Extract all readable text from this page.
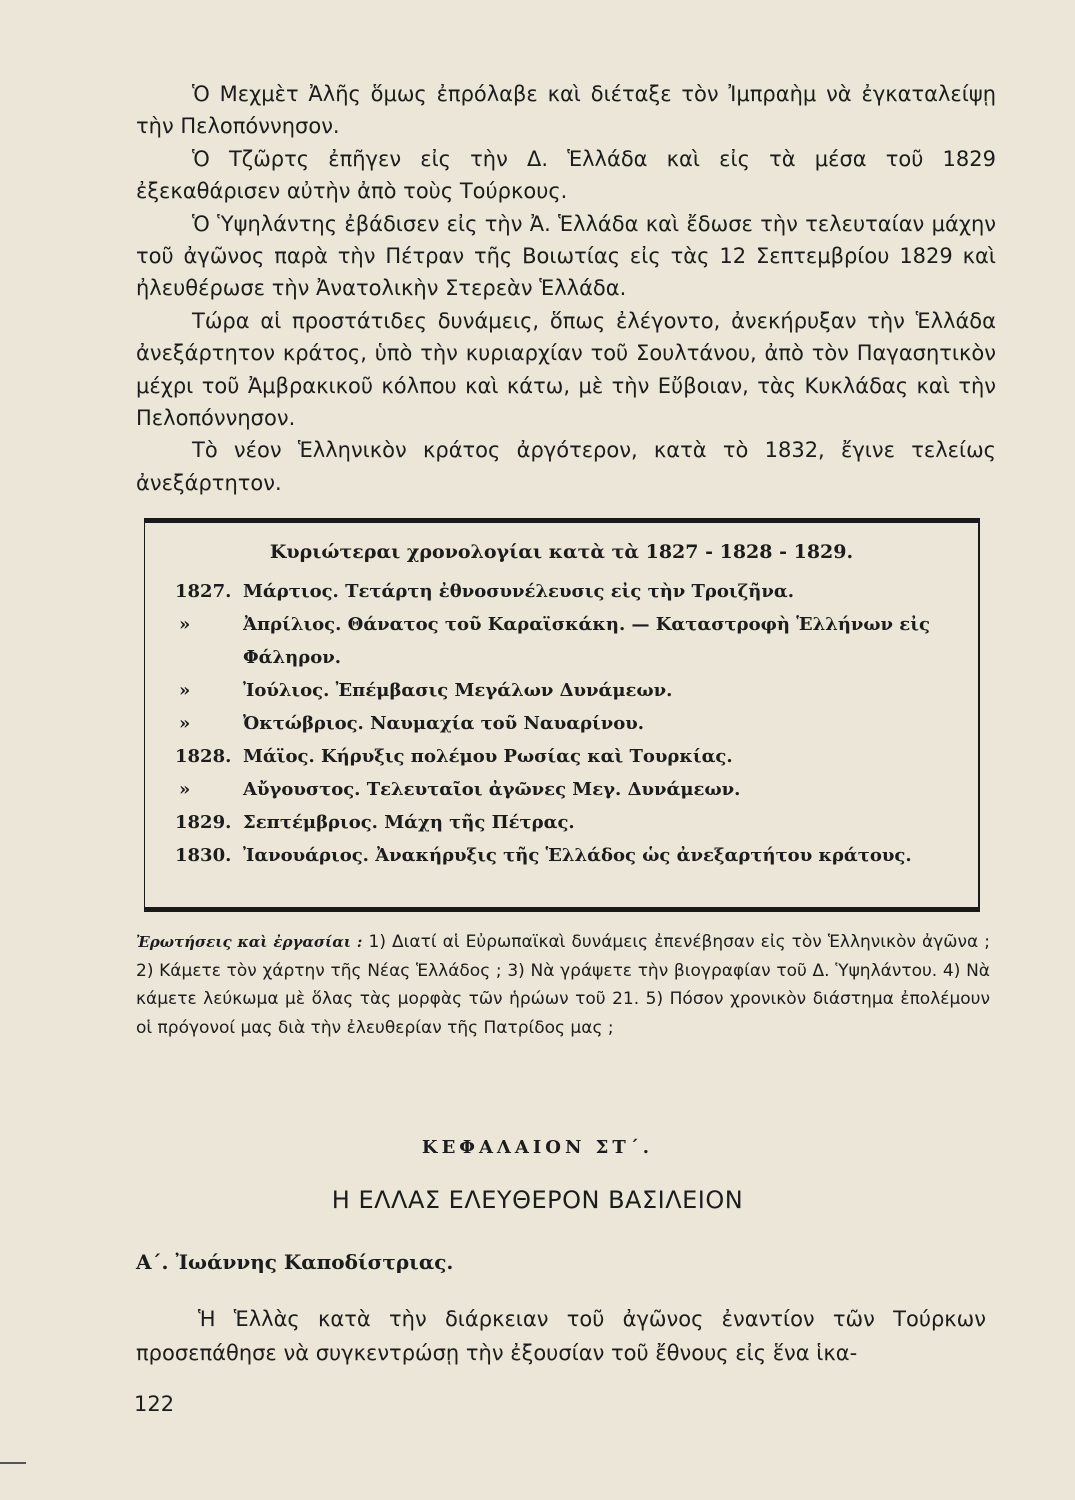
Ὁ Μεχμὲτ Ἀλῆς ὅμως ἐπρόλαβε καὶ διέταξε τὸν Ἰμπραὴμ νὰ ἐγκαταλείψῃ τὴν Πελοπόννησον.

Ὁ Τζῶρτς ἐπῆγεν εἰς τὴν Δ. Ἑλλάδα καὶ εἰς τὰ μέσα τοῦ 1829 ἐξεκαθάρισεν αὐτὴν ἀπὸ τοὺς Τούρκους.

Ὁ Ὑψηλάντης ἐβάδισεν εἰς τὴν Ἀ. Ἑλλάδα καὶ ἔδωσε τὴν τελευταίαν μάχην τοῦ ἀγῶνος παρὰ τὴν Πέτραν τῆς Βοιωτίας εἰς τὰς 12 Σεπτεμβρίου 1829 καὶ ἠλευθέρωσε τὴν Ἀνατολικὴν Στερεὰν Ἑλλάδα.

Τώρα αἱ προστάτιδες δυνάμεις, ὅπως ἐλέγοντο, ἀνεκήρυξαν τὴν Ἑλλάδα ἀνεξάρτητον κράτος, ὑπὸ τὴν κυριαρχίαν τοῦ Σουλτάνου, ἀπὸ τὸν Παγασητικὸν μέχρι τοῦ Ἀμβρακικοῦ κόλπου καὶ κάτω, μὲ τὴν Εὔβοιαν, τὰς Κυκλάδας καὶ τὴν Πελοπόννησον.

Τὸ νέον Ἑλληνικὸν κράτος ἀργότερον, κατὰ τὸ 1832, ἔγινε τελείως ἀνεξάρτητον.

Κυριώτεραι χρονολογίαι κατὰ τὰ 1827 - 1828 - 1829.
1827. Μάρτιος. Τετάρτη ἐθνοσυνέλευσις εἰς τὴν Τροιζῆνα.
»	Ἀπρίλιος. Θάνατος τοῦ Καραϊσκάκη. — Καταστροφὴ Ἑλλήνων εἰς Φάληρον.
»	Ἰούλιος. Ἐπέμβασις Μεγάλων Δυνάμεων.
»	Ὀκτώβριος. Ναυμαχία τοῦ Ναυαρίνου.
1828. Μάϊος. Κήρυξις πολέμου Ρωσίας καὶ Τουρκίας.
»	Αὔγουστος. Τελευταῖοι ἀγῶνες Μεγ. Δυνάμεων.
1829. Σεπτέμβριος. Μάχη τῆς Πέτρας.
1830. Ἰανουάριος. Ἀνακήρυξις τῆς Ἑλλάδος ὡς ἀνεξαρτήτου κράτους.
Ἐρωτήσεις καὶ ἐργασίαι : 1) Διατί αἱ Εὐρωπαϊκαὶ δυνάμεις ἐπενέβησαν εἰς τὸν Ἑλληνικὸν ἀγῶνα ; 2) Κάμετε τὸν χάρτην τῆς Νέας Ἑλλάδος ; 3) Νὰ γράψετε τὴν βιογραφίαν τοῦ Δ. Ὑψηλάντου. 4) Νὰ κάμετε λεύκωμα μὲ ὅλας τὰς μορφὰς τῶν ἡρώων τοῦ 21. 5) Πόσον χρονικὸν διάστημα ἐπολέμουν οἱ πρόγονοί μας διὰ τὴν ἐλευθερίαν τῆς Πατρίδος μας ;
ΚΕΦΑΛΑΙΟΝ ΣΤ΄.
Η ΕΛΛΑΣ ΕΛΕΥΘΕΡΟΝ ΒΑΣΙΛΕΙΟΝ
Α΄. Ἰωάννης Καποδίστριας.

Ἡ Ἑλλὰς κατὰ τὴν διάρκειαν τοῦ ἀγῶνος ἐναντίον τῶν Τούρκων προσεπάθησε νὰ συγκεντρώσῃ τὴν ἐξουσίαν τοῦ ἔθνους εἰς ἕνα ἱκα-

122
